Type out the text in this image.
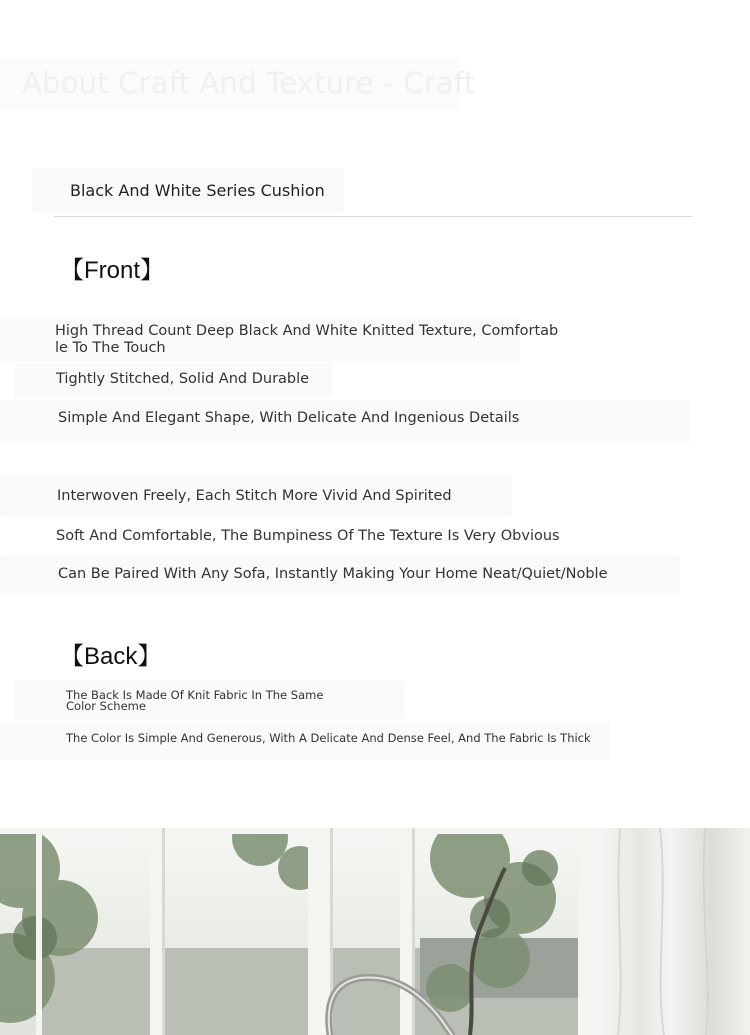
About Craft And Texture - Craft
Black And White Series Cushion
【Front】
High Thread Count Deep Black And White Knitted Texture, Comfortab
le To The Touch
Tightly Stitched, Solid And Durable
Simple And Elegant Shape, With Delicate And Ingenious Details
Interwoven Freely, Each Stitch More Vivid And Spirited
Soft And Comfortable, The Bumpiness Of The Texture Is Very Obvious
Can Be Paired With Any Sofa, Instantly Making Your Home Neat/Quiet/Noble
【Back】
The Back Is Made Of Knit Fabric In The Same
Color Scheme
The Color Is Simple And Generous, With A Delicate And Dense Feel, And The Fabric Is Thick
